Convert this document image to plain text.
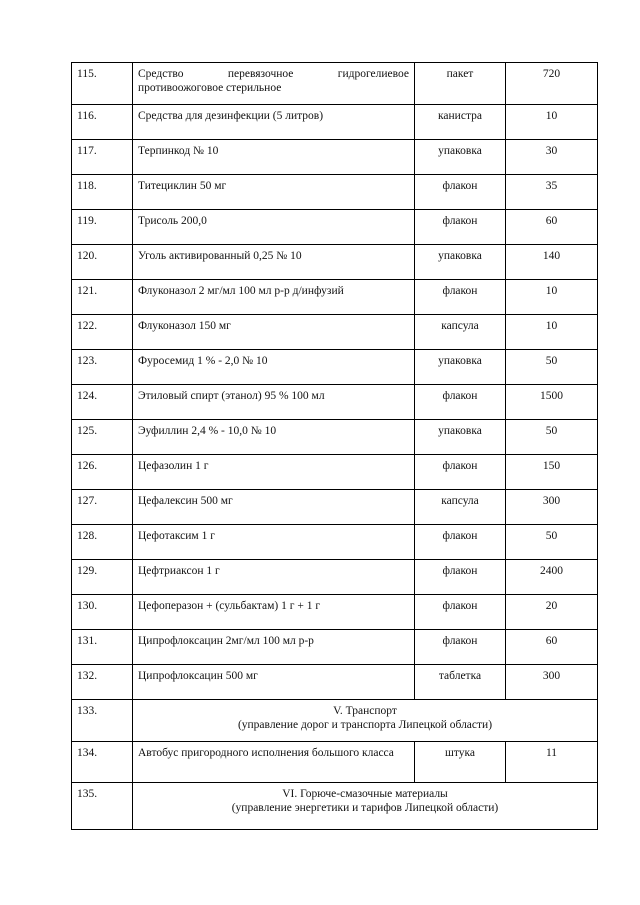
115.	Средство перевязочное гидрогелиевое противоожоговое стерильное	пакет	720
116.	Средства для дезинфекции (5 литров)	канистра	10
117.	Терпинкод № 10	упаковка	30
118.	Титециклин 50 мг	флакон	35
119.	Трисоль 200,0	флакон	60
120.	Уголь активированный 0,25 № 10	упаковка	140
121.	Флуконазол 2 мг/мл 100 мл р-р д/инфузий	флакон	10
122.	Флуконазол 150 мг	капсула	10
123.	Фуросемид 1 % - 2,0 № 10	упаковка	50
124.	Этиловый спирт (этанол) 95 % 100 мл	флакон	1500
125.	Эуфиллин 2,4 % - 10,0 № 10	упаковка	50
126.	Цефазолин 1 г	флакон	150
127.	Цефалексин 500 мг	капсула	300
128.	Цефотаксим 1 г	флакон	50
129.	Цефтриаксон 1 г	флакон	2400
130.	Цефоперазон + (сульбактам) 1 г + 1 г	флакон	20
131.	Ципрофлоксацин 2мг/мл 100 мл р-р	флакон	60
132.	Ципрофлоксацин 500 мг	таблетка	300
133.	V. Транспорт
(управление дорог и транспорта Липецкой области)		

134.	Автобус пригородного исполнения большого класса	штука	11
135.	VI. Горюче-смазочные материалы
(управление энергетики и тарифов Липецкой области)		
